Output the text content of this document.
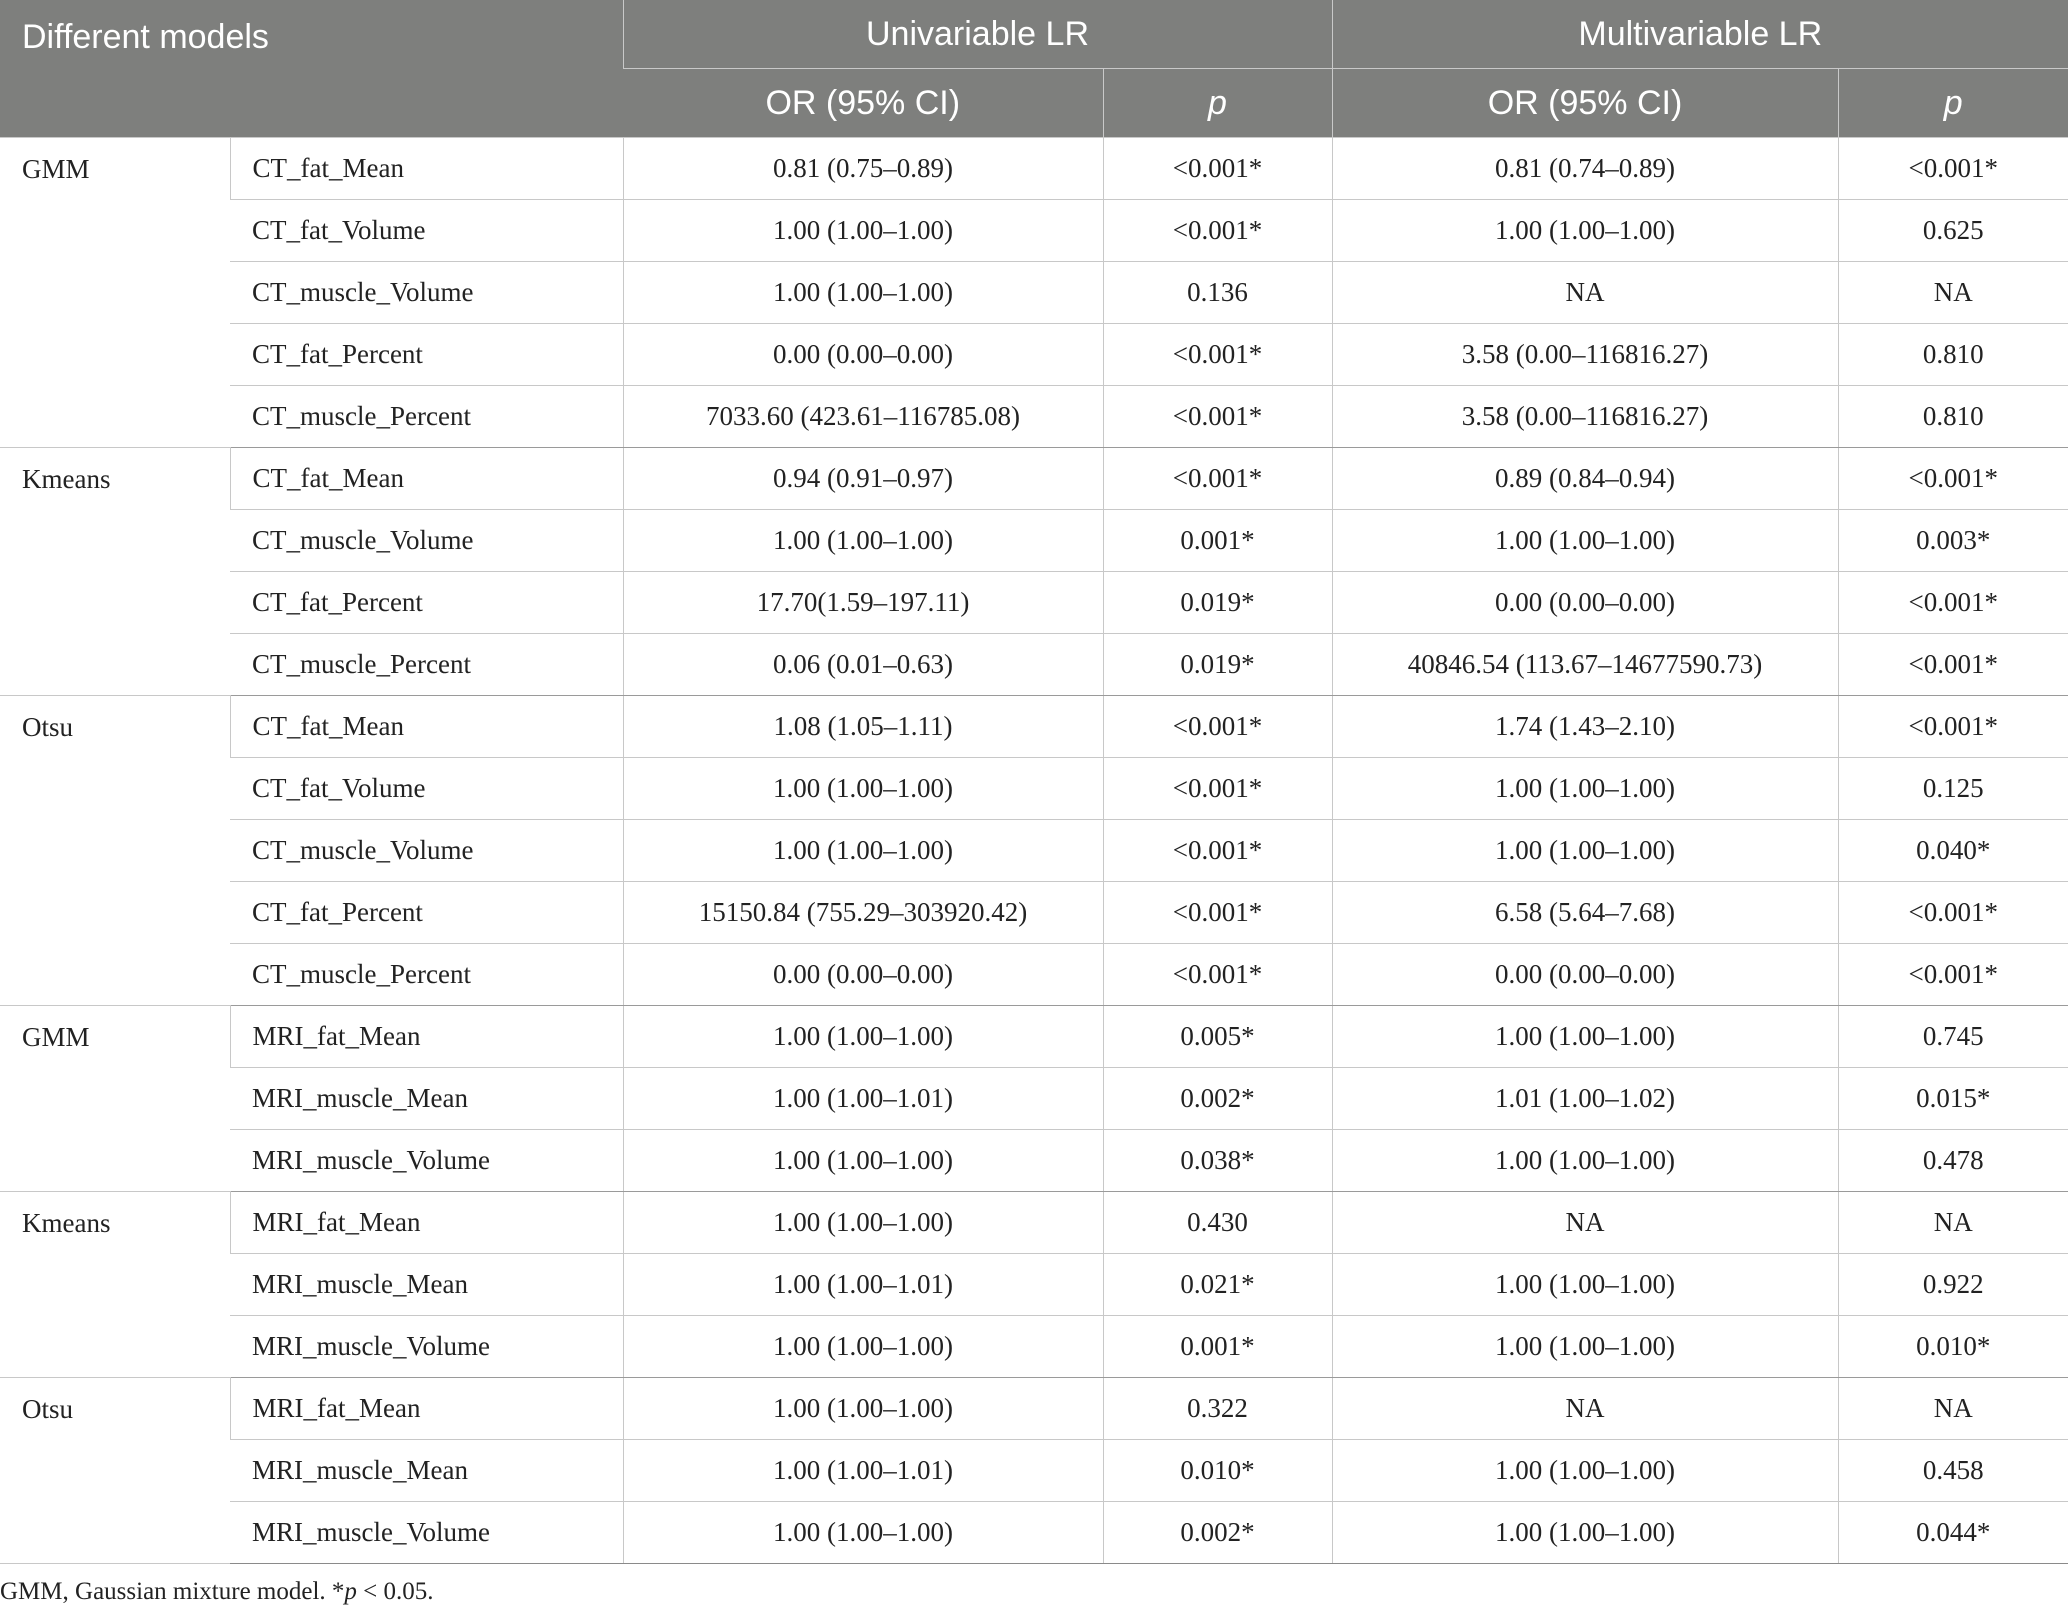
Different models		Univariable LR		Multivariable LR	
		OR (95% CI)	p	OR (95% CI)	p
GMM	CT_fat_Mean	0.81 (0.75–0.89)	<0.001*	0.81 (0.74–0.89)	<0.001*
	CT_fat_Volume	1.00 (1.00–1.00)	<0.001*	1.00 (1.00–1.00)	0.625
	CT_muscle_Volume	1.00 (1.00–1.00)	0.136	NA	NA
	CT_fat_Percent	0.00 (0.00–0.00)	<0.001*	3.58 (0.00–116816.27)	0.810
	CT_muscle_Percent	7033.60 (423.61–116785.08)	<0.001*	3.58 (0.00–116816.27)	0.810
Kmeans	CT_fat_Mean	0.94 (0.91–0.97)	<0.001*	0.89 (0.84–0.94)	<0.001*
	CT_muscle_Volume	1.00 (1.00–1.00)	0.001*	1.00 (1.00–1.00)	0.003*
	CT_fat_Percent	17.70(1.59–197.11)	0.019*	0.00 (0.00–0.00)	<0.001*
	CT_muscle_Percent	0.06 (0.01–0.63)	0.019*	40846.54 (113.67–14677590.73)	<0.001*
Otsu	CT_fat_Mean	1.08 (1.05–1.11)	<0.001*	1.74 (1.43–2.10)	<0.001*
	CT_fat_Volume	1.00 (1.00–1.00)	<0.001*	1.00 (1.00–1.00)	0.125
	CT_muscle_Volume	1.00 (1.00–1.00)	<0.001*	1.00 (1.00–1.00)	0.040*
	CT_fat_Percent	15150.84 (755.29–303920.42)	<0.001*	6.58 (5.64–7.68)	<0.001*
	CT_muscle_Percent	0.00 (0.00–0.00)	<0.001*	0.00 (0.00–0.00)	<0.001*
GMM	MRI_fat_Mean	1.00 (1.00–1.00)	0.005*	1.00 (1.00–1.00)	0.745
	MRI_muscle_Mean	1.00 (1.00–1.01)	0.002*	1.01 (1.00–1.02)	0.015*
	MRI_muscle_Volume	1.00 (1.00–1.00)	0.038*	1.00 (1.00–1.00)	0.478
Kmeans	MRI_fat_Mean	1.00 (1.00–1.00)	0.430	NA	NA
	MRI_muscle_Mean	1.00 (1.00–1.01)	0.021*	1.00 (1.00–1.00)	0.922
	MRI_muscle_Volume	1.00 (1.00–1.00)	0.001*	1.00 (1.00–1.00)	0.010*
Otsu	MRI_fat_Mean	1.00 (1.00–1.00)	0.322	NA	NA
	MRI_muscle_Mean	1.00 (1.00–1.01)	0.010*	1.00 (1.00–1.00)	0.458
	MRI_muscle_Volume	1.00 (1.00–1.00)	0.002*	1.00 (1.00–1.00)	0.044*
GMM, Gaussian mixture model. *p < 0.05.
